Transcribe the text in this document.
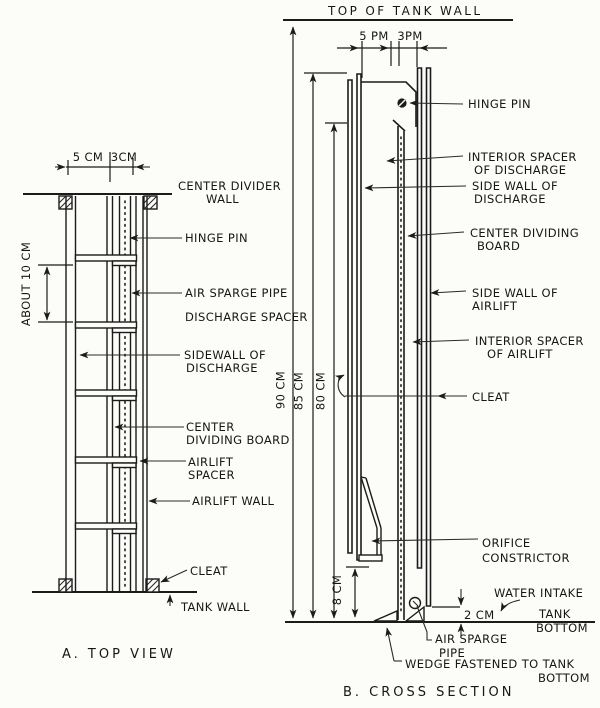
5 CM 3CM
ABOUT 10 CM
CENTER DIVIDER
WALL
HINGE PIN
AIR SPARGE PIPE
DISCHARGE SPACER
SIDEWALL OF
DISCHARGE
CENTER
DIVIDING BOARD
AIRLIFT
SPACER
AIRLIFT WALL
CLEAT
TANK WALL
A. TOP VIEW
TOP OF TANK WALL
90 CM 85 CM 80 CM
5 PM 3PM
8 CM
2 CM
HINGE PIN
INTERIOR SPACER
OF DISCHARGE
SIDE WALL OF
DISCHARGE
CENTER DIVIDING
BOARD
SIDE WALL OF
AIRLIFT
INTERIOR SPACER
OF AIRLIFT
CLEAT
ORIFICE
CONSTRICTOR
WATER INTAKE
TANK
BOTTOM
AIR SPARGE
PIPE
WEDGE FASTENED TO TANK
BOTTOM
B. CROSS SECTION
